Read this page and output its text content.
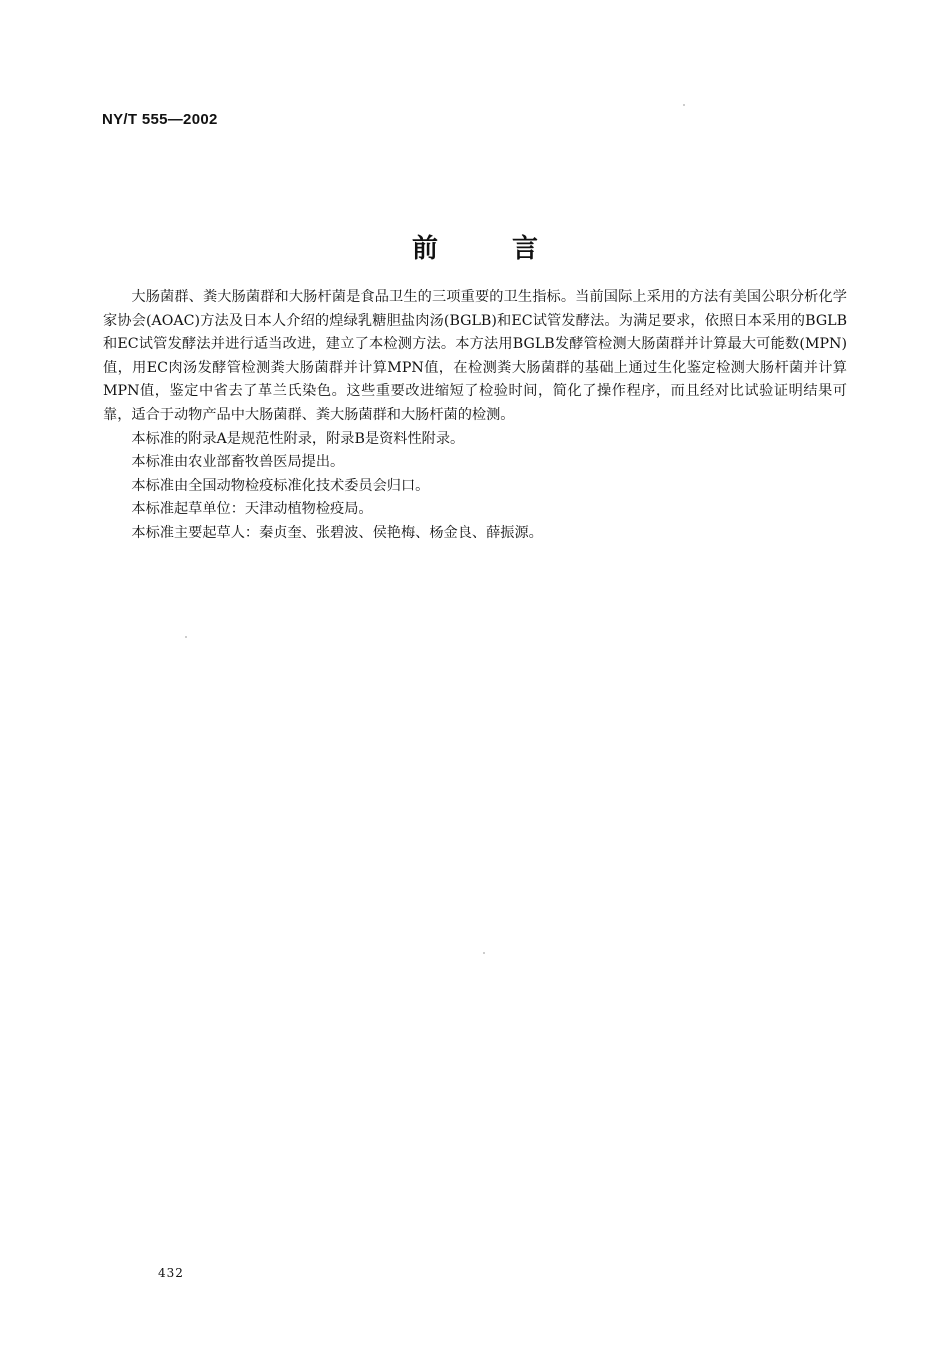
NY/T 555—2002
前言

大肠菌群、粪大肠菌群和大肠杆菌是食品卫生的三项重要的卫生指标。当前国际上采用的方法有美国公职分析化学家协会(AOAC)方法及日本人介绍的煌绿乳糖胆盐肉汤(BGLB)和EC试管发酵法。为满足要求，依照日本采用的BGLB和EC试管发酵法并进行适当改进，建立了本检测方法。本方法用BGLB发酵管检测大肠菌群并计算最大可能数(MPN)值，用EC肉汤发酵管检测粪大肠菌群并计算MPN值，在检测粪大肠菌群的基础上通过生化鉴定检测大肠杆菌并计算MPN值，鉴定中省去了革兰氏染色。这些重要改进缩短了检验时间，简化了操作程序，而且经对比试验证明结果可靠，适合于动物产品中大肠菌群、粪大肠菌群和大肠杆菌的检测。

本标准的附录A是规范性附录，附录B是资料性附录。

本标准由农业部畜牧兽医局提出。

本标准由全国动物检疫标准化技术委员会归口。

本标准起草单位：天津动植物检疫局。

本标准主要起草人：秦贞奎、张碧波、侯艳梅、杨金良、薛振源。

432
